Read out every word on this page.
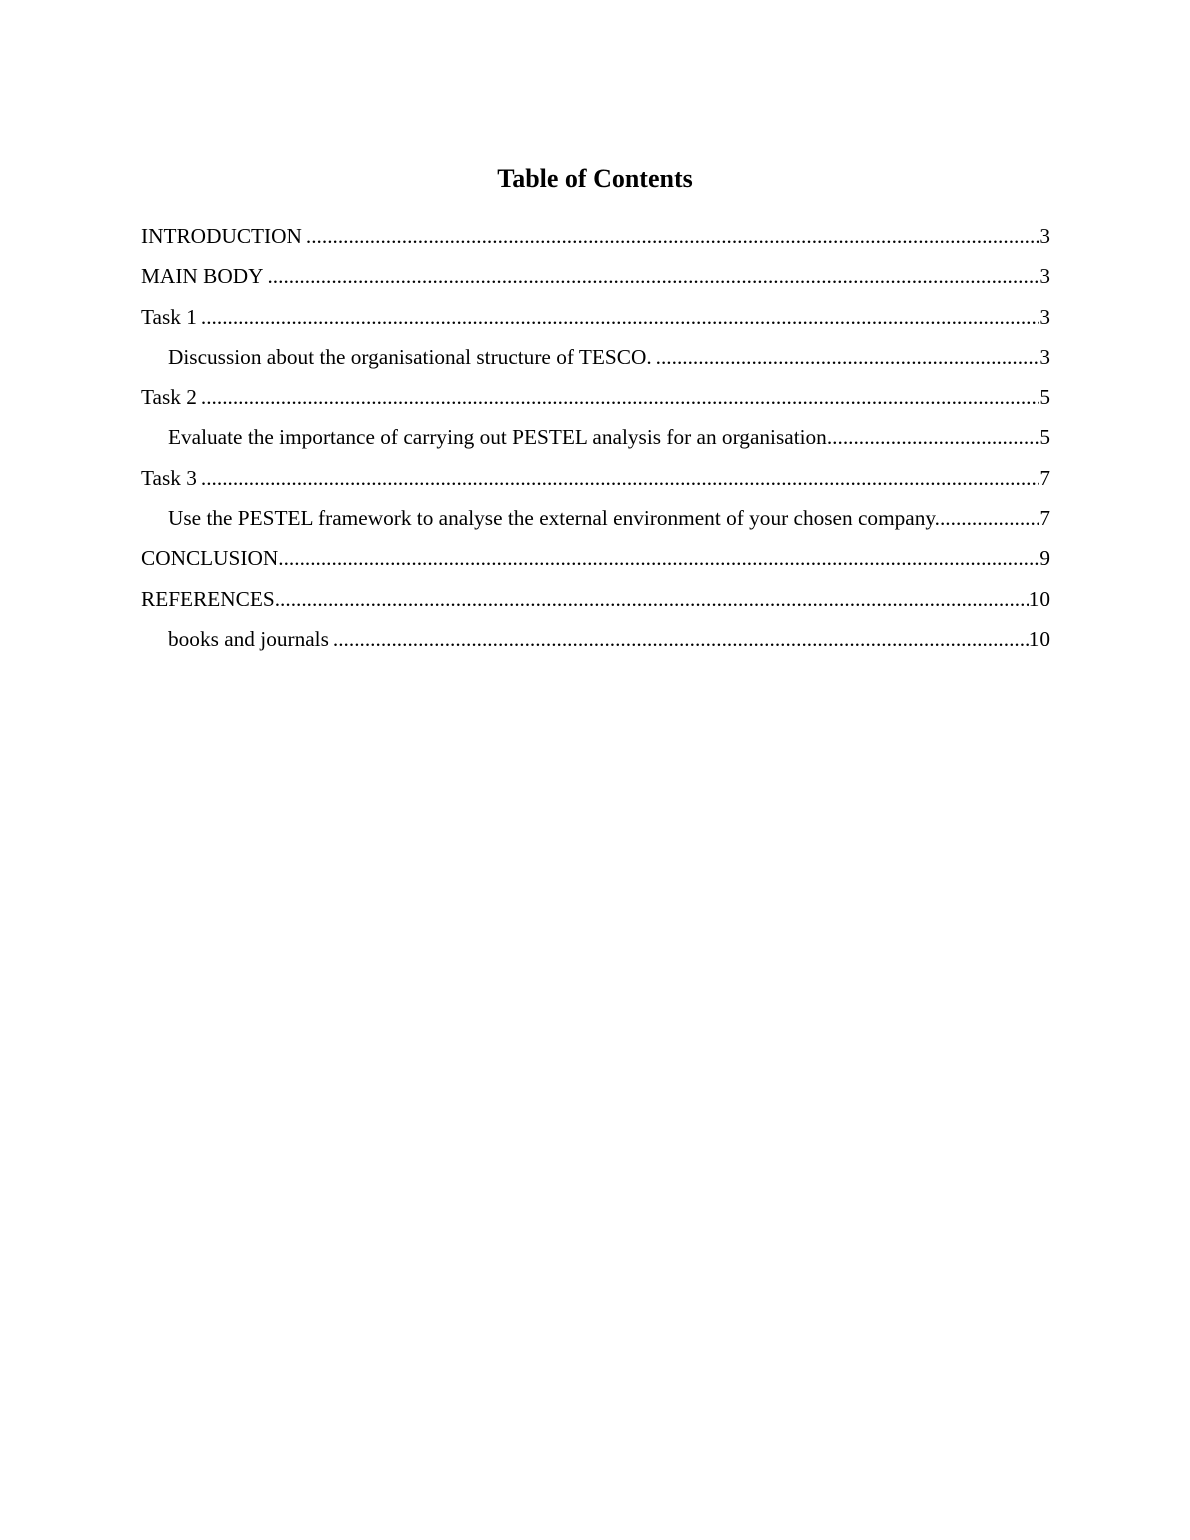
Table of Contents
INTRODUCTION .....	3
MAIN BODY .....	3
Task 1 .....	3
Discussion about the organisational structure of TESCO. .....	3
Task 2 .....	5
Evaluate the importance of carrying out PESTEL analysis for an organisation .....	5
Task 3 .....	7
Use the PESTEL framework to analyse the external environment of your chosen company. .....	7
CONCLUSION .....	9
REFERENCES .....	10
books and journals .....	10
